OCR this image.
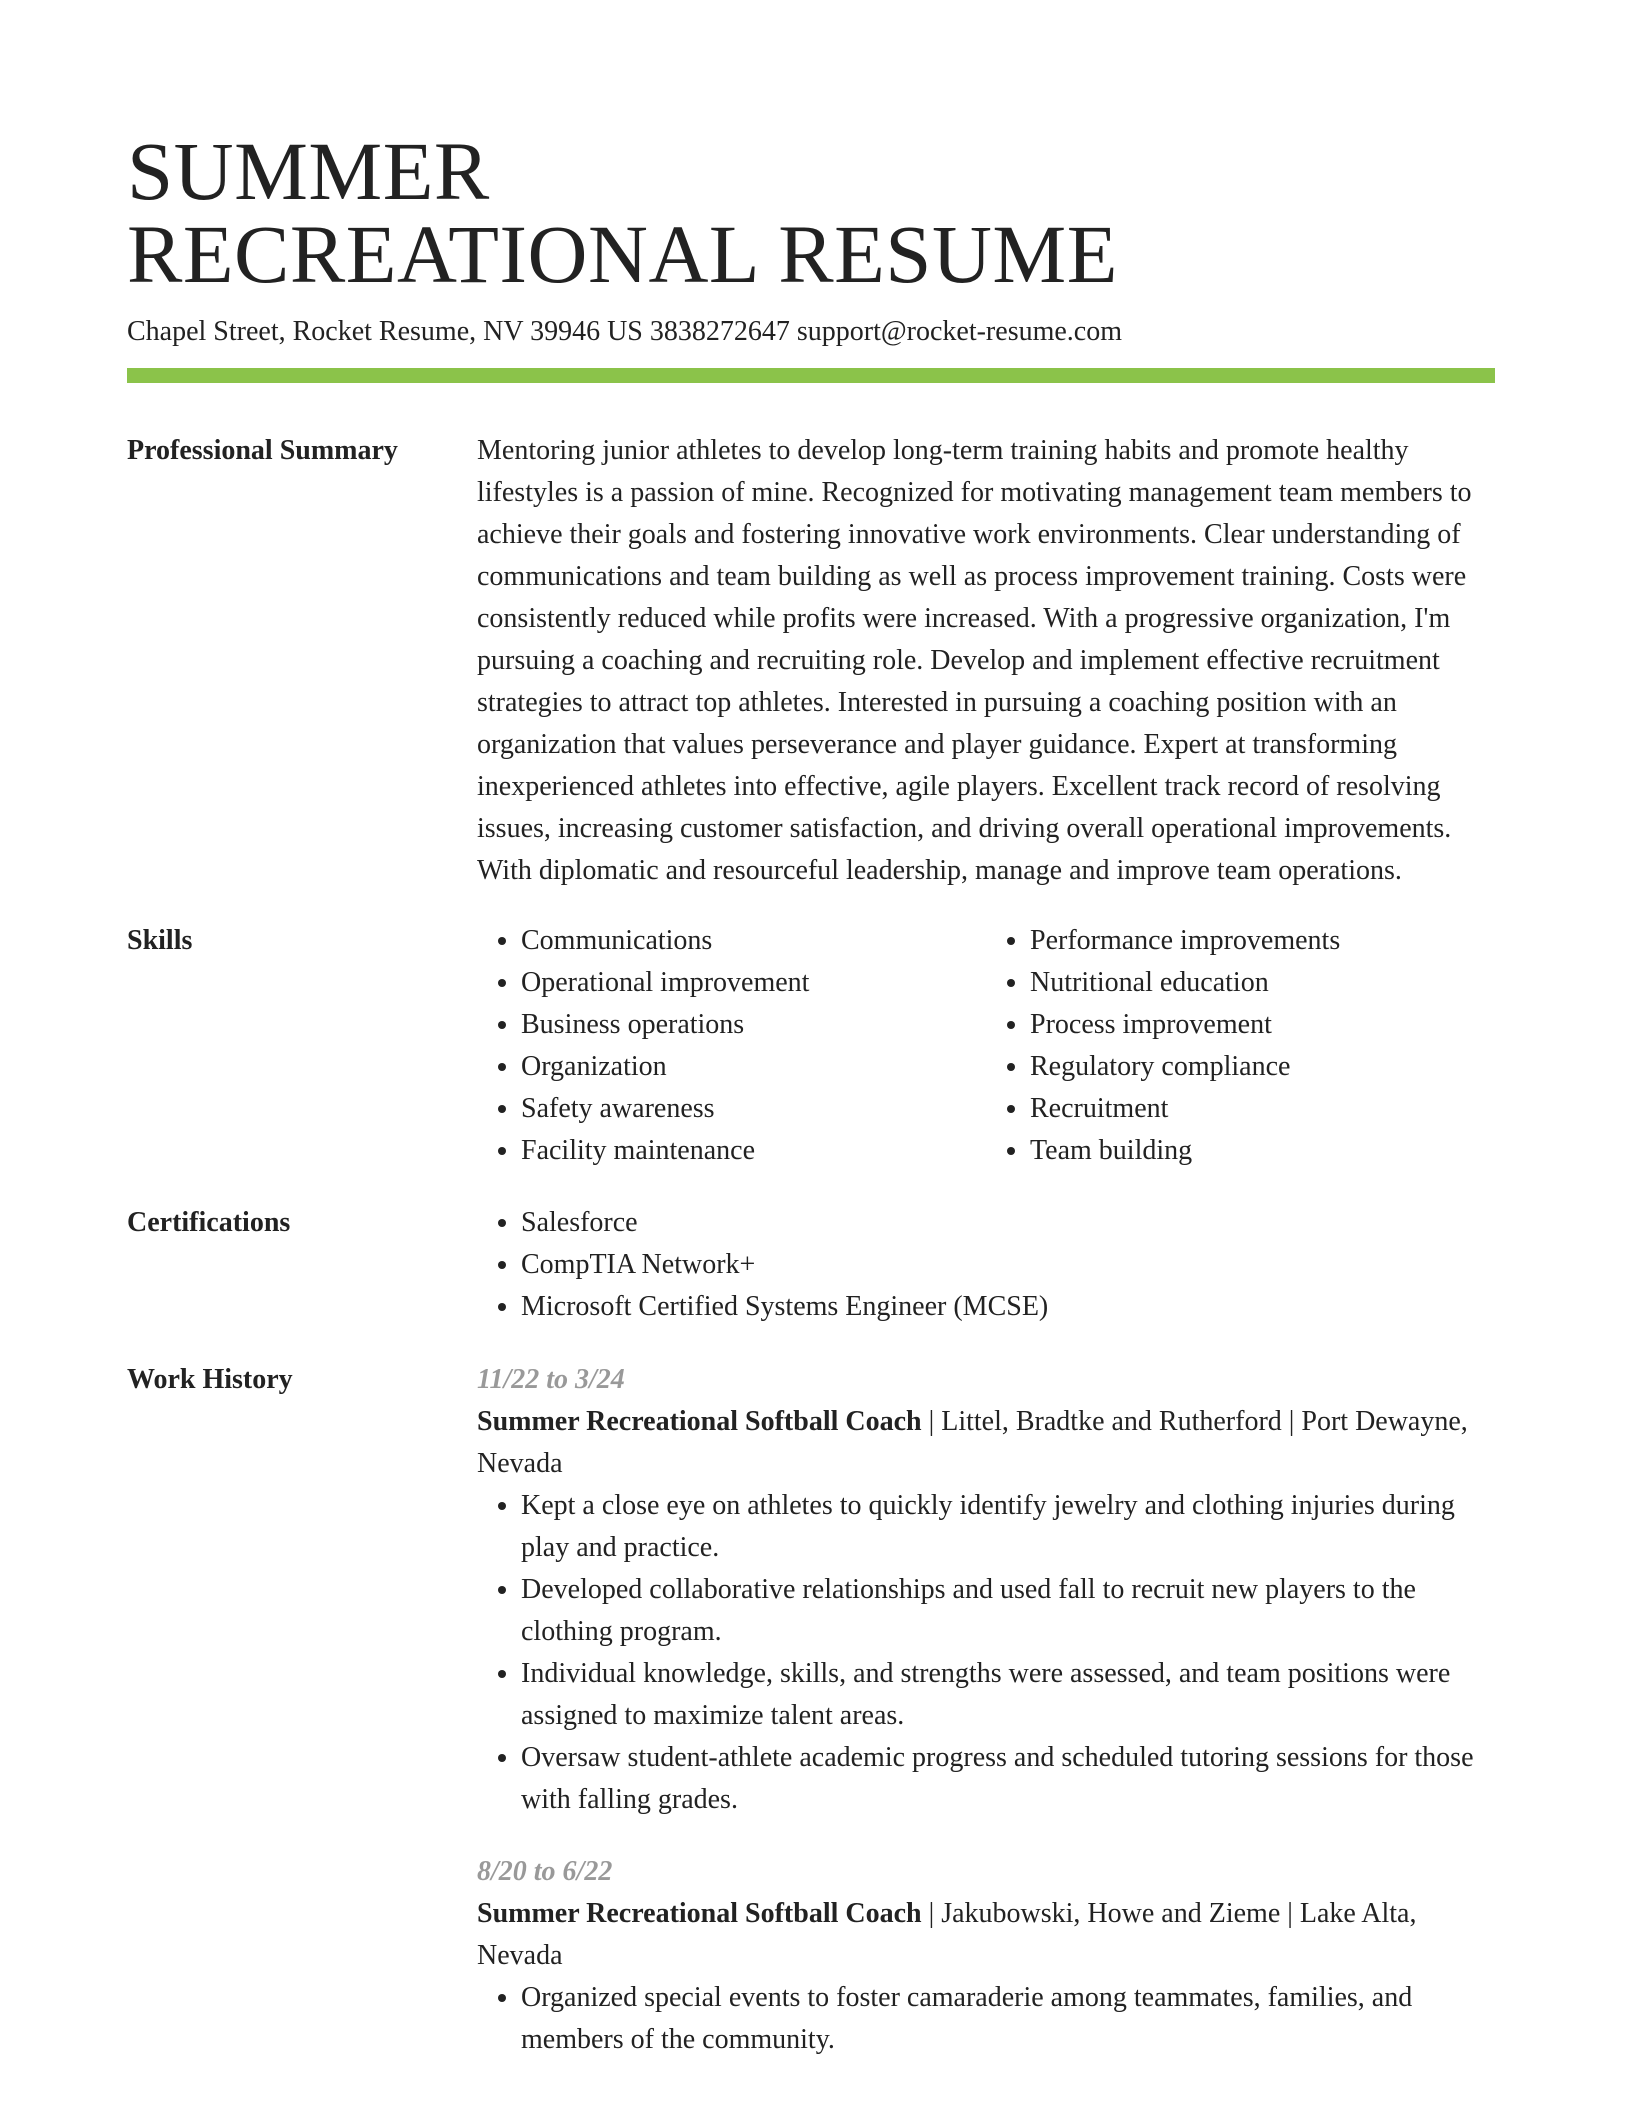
SUMMER
RECREATIONAL RESUME
Chapel Street, Rocket Resume, NV 39946 US 3838272647 support@rocket-resume.com
Professional Summary	Mentoring junior athletes to develop long-term training habits and promote healthy lifestyles is a passion of mine. Recognized for motivating management team members to achieve their goals and fostering innovative work environments. Clear understanding of communications and team building as well as process improvement training. Costs were consistently reduced while profits were increased. With a progressive organization, I'm pursuing a coaching and recruiting role. Develop and implement effective recruitment strategies to attract top athletes. Interested in pursuing a coaching position with an organization that values perseverance and player guidance. Expert at transforming inexperienced athletes into effective, agile players. Excellent track record of resolving issues, increasing customer satisfaction, and driving overall operational improvements. With diplomatic and resourceful leadership, manage and improve team operations.

Skills	• Communications
• Operational improvement
• Business operations
• Organization
• Safety awareness
• Facility maintenance
• Performance improvements
• Nutritional education
• Process improvement
• Regulatory compliance
• Recruitment
• Team building
Certifications	• Salesforce
• CompTIA Network+
• Microsoft Certified Systems Engineer (MCSE)
Work History	11/22 to 3/24

Summer Recreational Softball Coach | Littel, Bradtke and Rutherford | Port Dewayne, Nevada

• Kept a close eye on athletes to quickly identify jewelry and clothing injuries during play and practice.
• Developed collaborative relationships and used fall to recruit new players to the clothing program.
• Individual knowledge, skills, and strengths were assessed, and team positions were assigned to maximize talent areas.
• Oversaw student-athlete academic progress and scheduled tutoring sessions for those with falling grades.
8/20 to 6/22

Summer Recreational Softball Coach | Jakubowski, Howe and Zieme | Lake Alta, Nevada

• Organized special events to foster camaraderie among teammates, families, and members of the community.
